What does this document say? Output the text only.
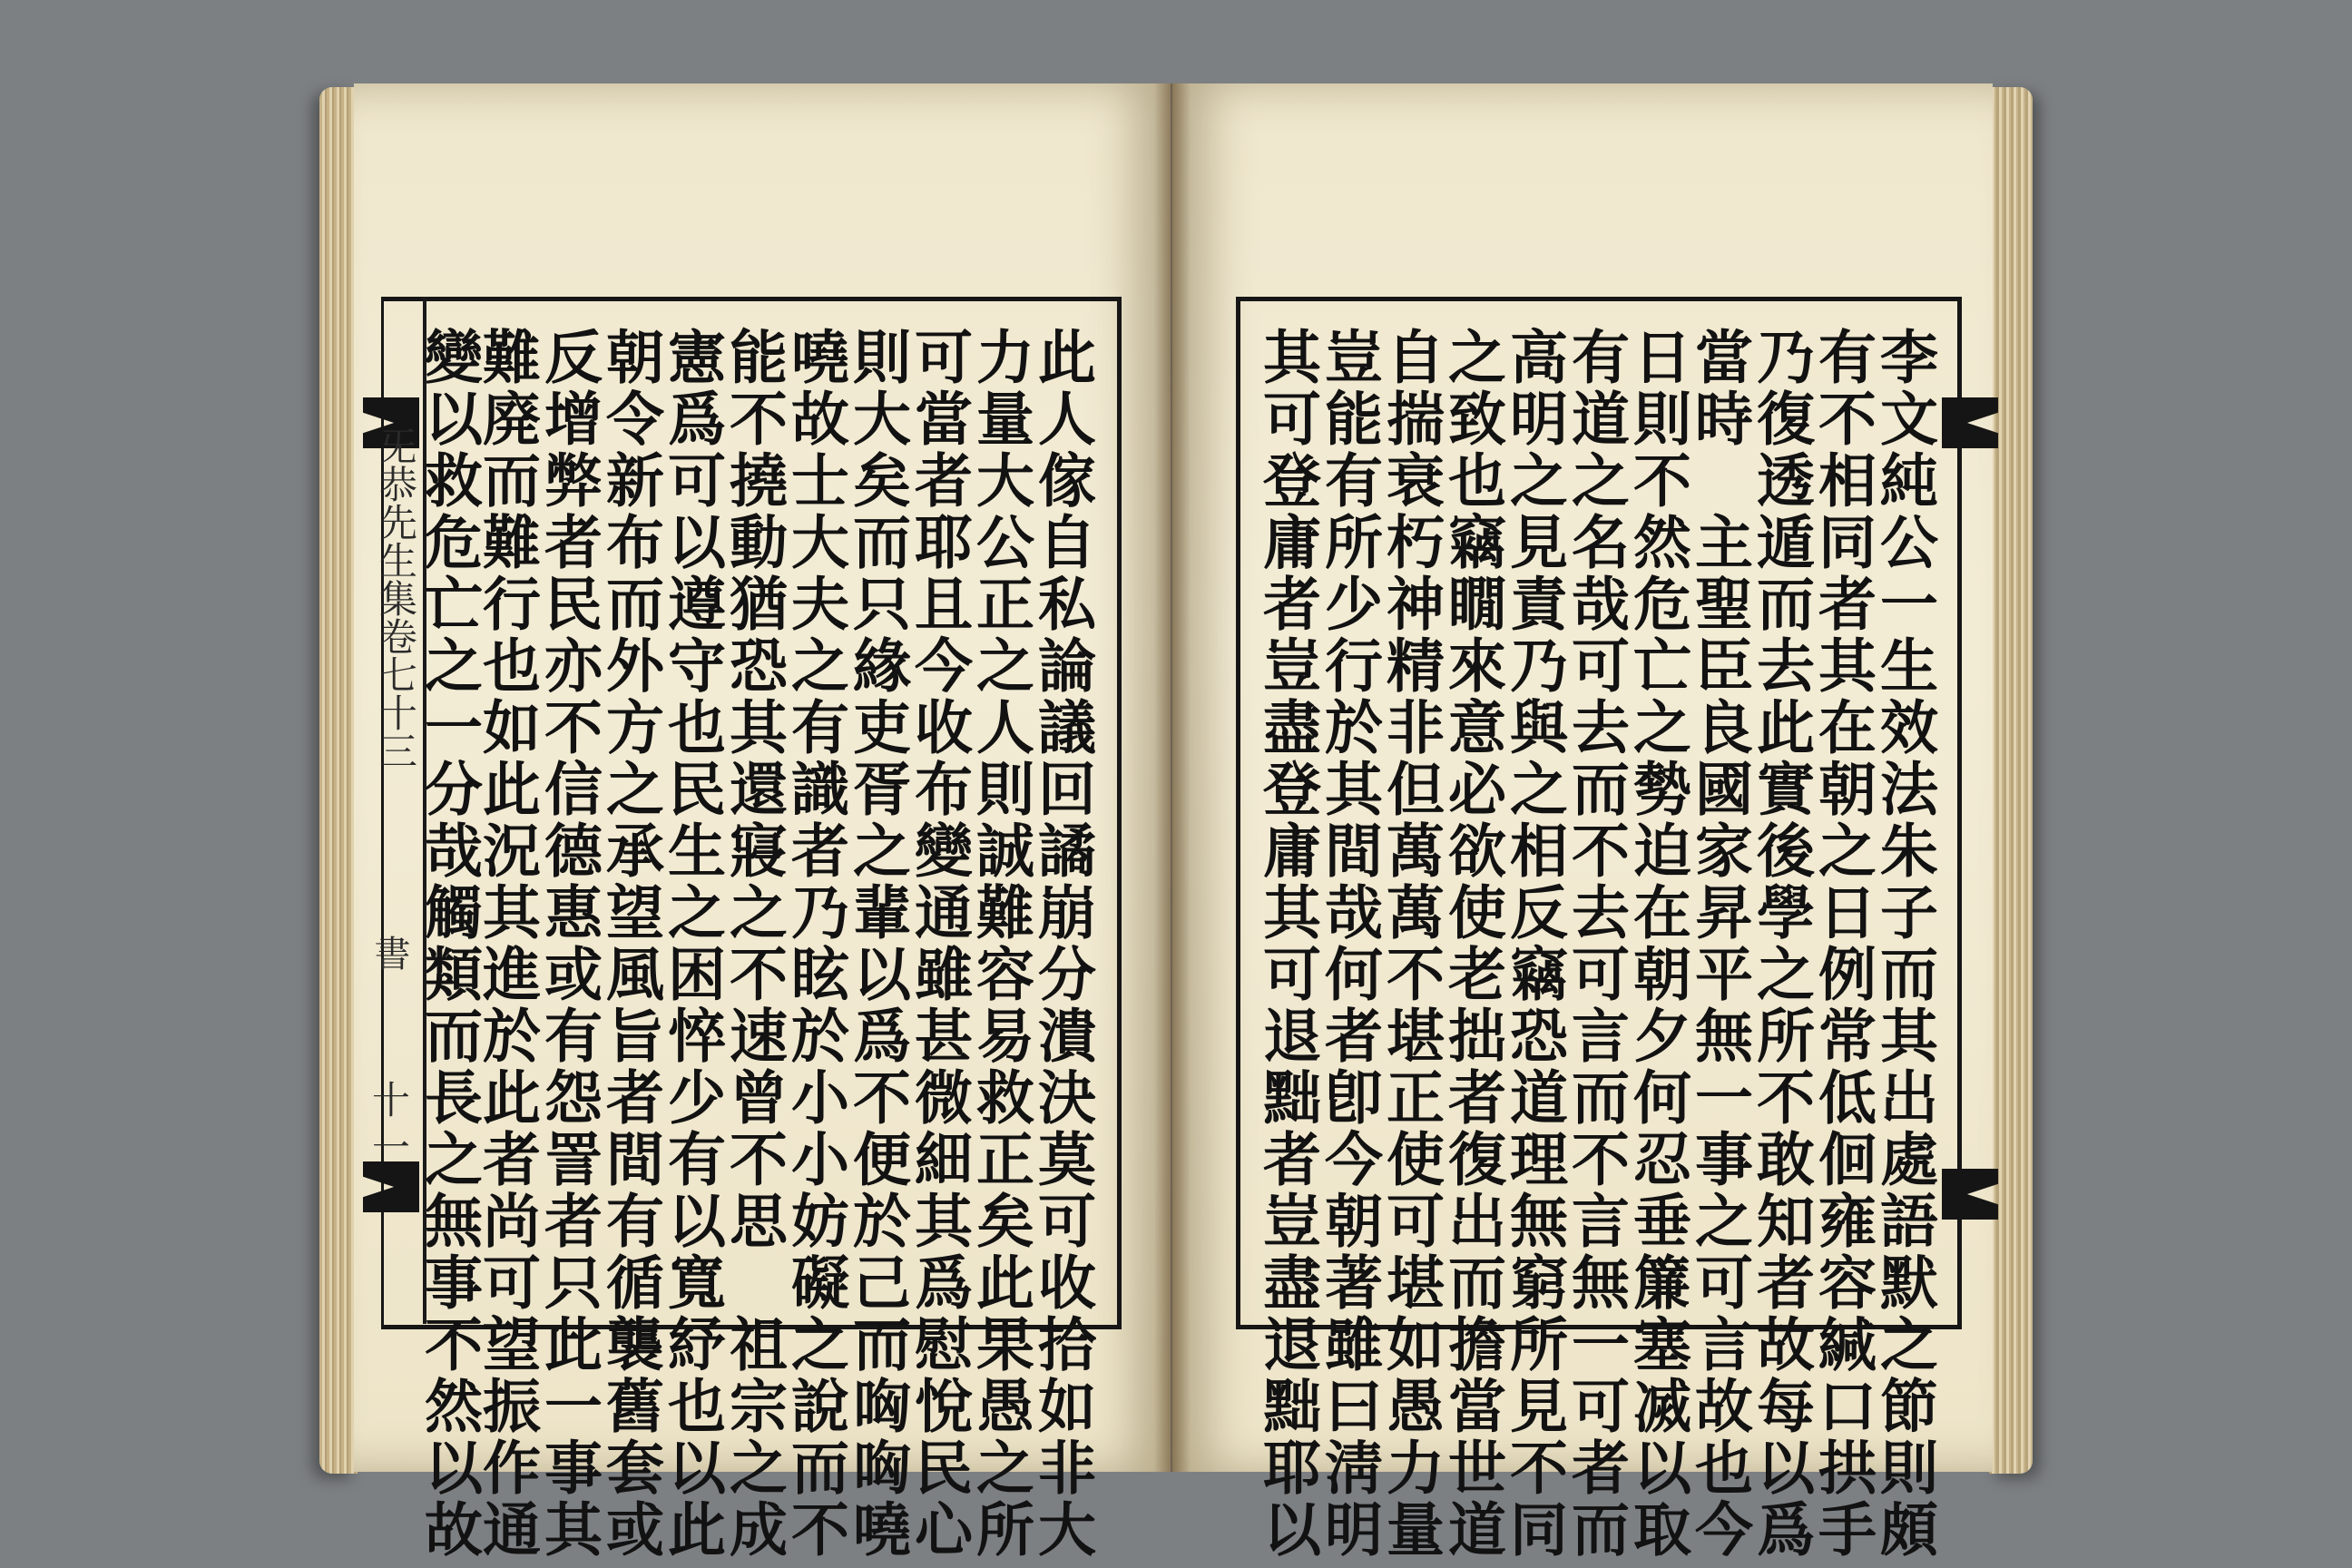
旡恭先生集卷七十三
書
十一	此人傢自私論議回譎崩分潰決莫可收拾如非大
力量大公正之人則誠難容易救正矣此果愚之所
可當者耶且今收布變通雖甚微細其爲慰悅民心
則大矣而只緣吏胥之輩以爲不便於己而哅哅嘵
嘵故士大夫之有識者乃眩於小小妨礙之說而不
能不撓動猶恐其還寢之不速曾不思　祖宗之成
憲爲可以遵守也民生之困悴少有以寬紓也以此
朝令新布而外方之承望風旨者間有循襲舊套或
反增弊者民亦不信德惠或有怨詈者只此一事其
難廃而難行也如此況其進於此者尚可望振作通
變以救危亡之一分哉觸類而長之無事不然以故	李文純公一生效法朱子而其出處語默之節則頗
有不相同者其在朝之日例常低佪雍容緘口拱手
乃復透遁而去此實後學之所不敢知者故每以爲
當時　主聖臣良國家昇平無一事之可言故也今
日則不然危亡之勢迫在朝夕何忍垂簾塞㓕以取
有道之名哉可去而不去可言而不言無一可者而
高明之見責乃與之相反竊恐道理無窮所見不同
之致也竊瞯來意必欲使老拙者復出而擔當世道
自揣衰朽神精非但萬萬不堪正使可堪如愚力量
豈能有所少行於其間哉何者卽今朝著雖曰淸明
其可登庸者豈盡登庸其可退黜者豈盡退黜耶以
